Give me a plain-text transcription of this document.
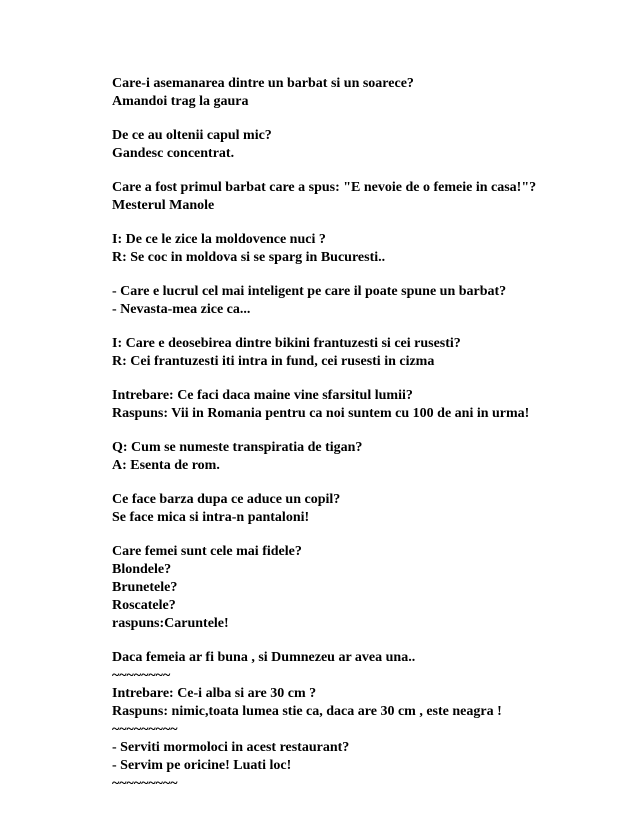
Care-i asemanarea dintre un barbat si un soarece?
Amandoi trag la gaura
De ce au oltenii capul mic?
Gandesc concentrat.
Care a fost primul barbat care a spus: "E nevoie de o femeie in casa!"?
Mesterul Manole
I: De ce le zice la moldovence nuci ?
R: Se coc in moldova si se sparg in Bucuresti..
- Care e lucrul cel mai inteligent pe care il poate spune un barbat?
- Nevasta-mea zice ca...
I: Care e deosebirea dintre bikini frantuzesti si cei rusesti?
R: Cei frantuzesti iti intra in fund, cei rusesti in cizma
Intrebare: Ce faci daca maine vine sfarsitul lumii?
Raspuns: Vii in Romania pentru ca noi suntem cu 100 de ani in urma!
Q: Cum se numeste transpiratia de tigan?
A: Esenta de rom.
Ce face barza dupa ce aduce un copil?
Se face mica si intra-n pantaloni!
Care femei sunt cele mai fidele?
Blondele?
Brunetele?
Roscatele?
raspuns:Caruntele!
Daca femeia ar fi buna , si Dumnezeu ar avea una..
~~~~~~~~
Intrebare: Ce-i alba si are 30 cm ?
Raspuns: nimic,toata lumea stie ca, daca are 30 cm , este neagra !
~~~~~~~~~
- Serviti mormoloci in acest restaurant?
- Servim pe oricine! Luati loc!
~~~~~~~~~
